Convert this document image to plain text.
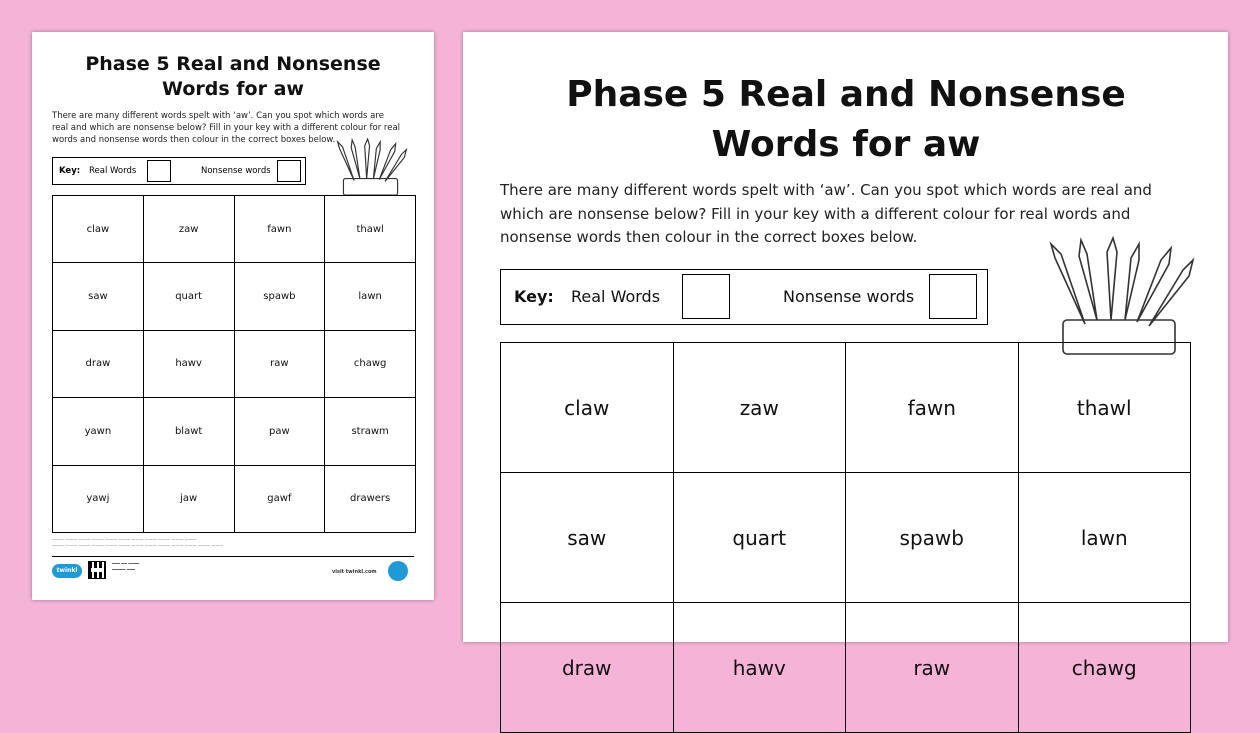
Phase 5 Real and Nonsense
Words for aw
There are many different words spelt with ‘aw’. Can you spot which words are real and which are nonsense below? Fill in your key with a different colour for real words and nonsense words then colour in the correct boxes below.
Key: Real Words	Nonsense words
claw	zaw	fawn	thawl
saw	quart	spawb	lawn
draw	hawv	raw	chawg
yawn	blawt	paw	strawm
yawj	jaw	gawf	drawers
——— ——— ——— ——— ——— ——— ——— ——— ——— ——— ———
——— ——— ——— ——— ——— ——— ——— ——— ——— ——— ——— ——— ———
twinkl
━━━ ━━ ━━━━
━━━━━ ━━━	visit twinkl.com
Phase 5 Real and Nonsense
Words for aw
There are many different words spelt with ‘aw’. Can you spot which words are real and which are nonsense below? Fill in your key with a different colour for real words and nonsense words then colour in the correct boxes below.
Key: Real Words	Nonsense words
claw	zaw	fawn	thawl
saw	quart	spawb	lawn
draw	hawv	raw	chawg
